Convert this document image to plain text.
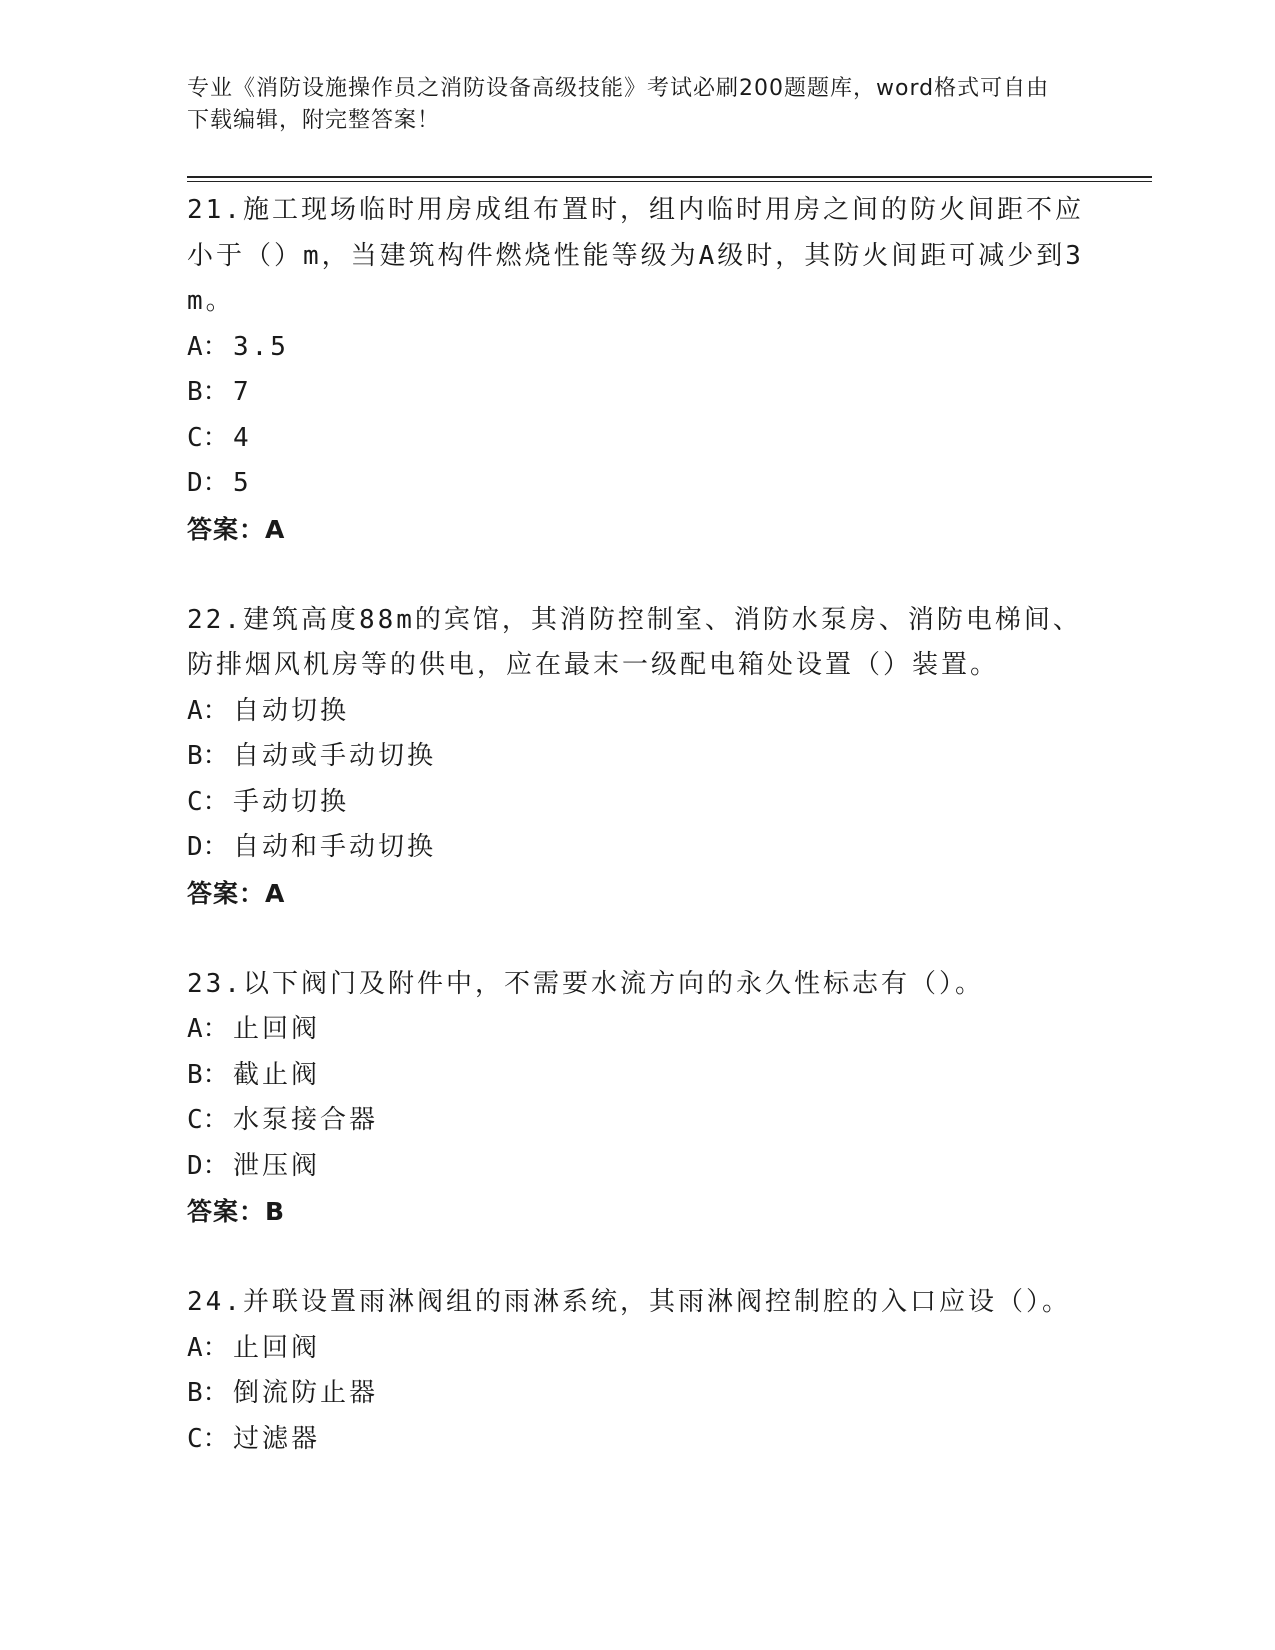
专业《消防设施操作员之消防设备高级技能》考试必刷200题题库，word格式可自由下载编辑，附完整答案！

21.施工现场临时用房成组布置时，组内临时用房之间的防火间距不应小于（）m，当建筑构件燃烧性能等级为A级时，其防火间距可减少到3m。

A： 3.5

B： 7

C： 4

D： 5

答案：A

22.建筑高度88m的宾馆，其消防控制室、消防水泵房、消防电梯间、防排烟风机房等的供电，应在最末一级配电箱处设置（）装置。

A： 自动切换

B： 自动或手动切换

C： 手动切换

D： 自动和手动切换

答案：A

23.以下阀门及附件中，不需要水流方向的永久性标志有（）。

A： 止回阀

B： 截止阀

C： 水泵接合器

D： 泄压阀

答案：B

24.并联设置雨淋阀组的雨淋系统，其雨淋阀控制腔的入口应设（）。

A： 止回阀

B： 倒流防止器

C： 过滤器
